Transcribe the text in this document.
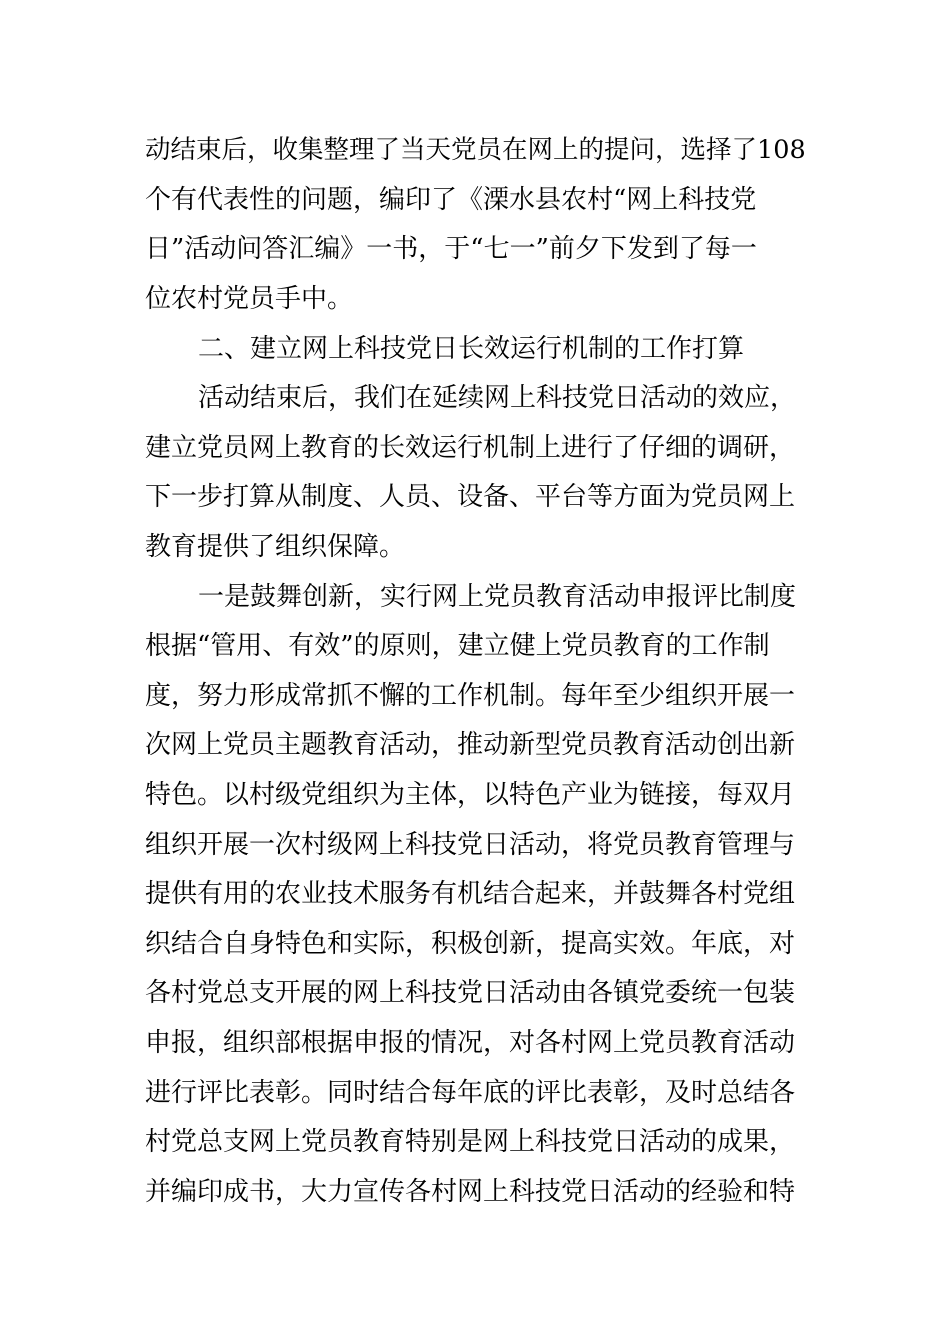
动结束后，收集整理了当天党员在网上的提问，选择了108
个有代表性的问题，编印了《溧水县农村“网上科技党
日”活动问答汇编》一书，于“七一”前夕下发到了每一
位农村党员手中。
二、建立网上科技党日长效运行机制的工作打算
活动结束后，我们在延续网上科技党日活动的效应，
建立党员网上教育的长效运行机制上进行了仔细的调研，
下一步打算从制度、人员、设备、平台等方面为党员网上
教育提供了组织保障。
一是鼓舞创新，实行网上党员教育活动申报评比制度
根据“管用、有效”的原则，建立健上党员教育的工作制
度，努力形成常抓不懈的工作机制。每年至少组织开展一
次网上党员主题教育活动，推动新型党员教育活动创出新
特色。以村级党组织为主体，以特色产业为链接，每双月
组织开展一次村级网上科技党日活动，将党员教育管理与
提供有用的农业技术服务有机结合起来，并鼓舞各村党组
织结合自身特色和实际，积极创新，提高实效。年底，对
各村党总支开展的网上科技党日活动由各镇党委统一包装
申报，组织部根据申报的情况，对各村网上党员教育活动
进行评比表彰。同时结合每年底的评比表彰，及时总结各
村党总支网上党员教育特别是网上科技党日活动的成果，
并编印成书，大力宣传各村网上科技党日活动的经验和特
